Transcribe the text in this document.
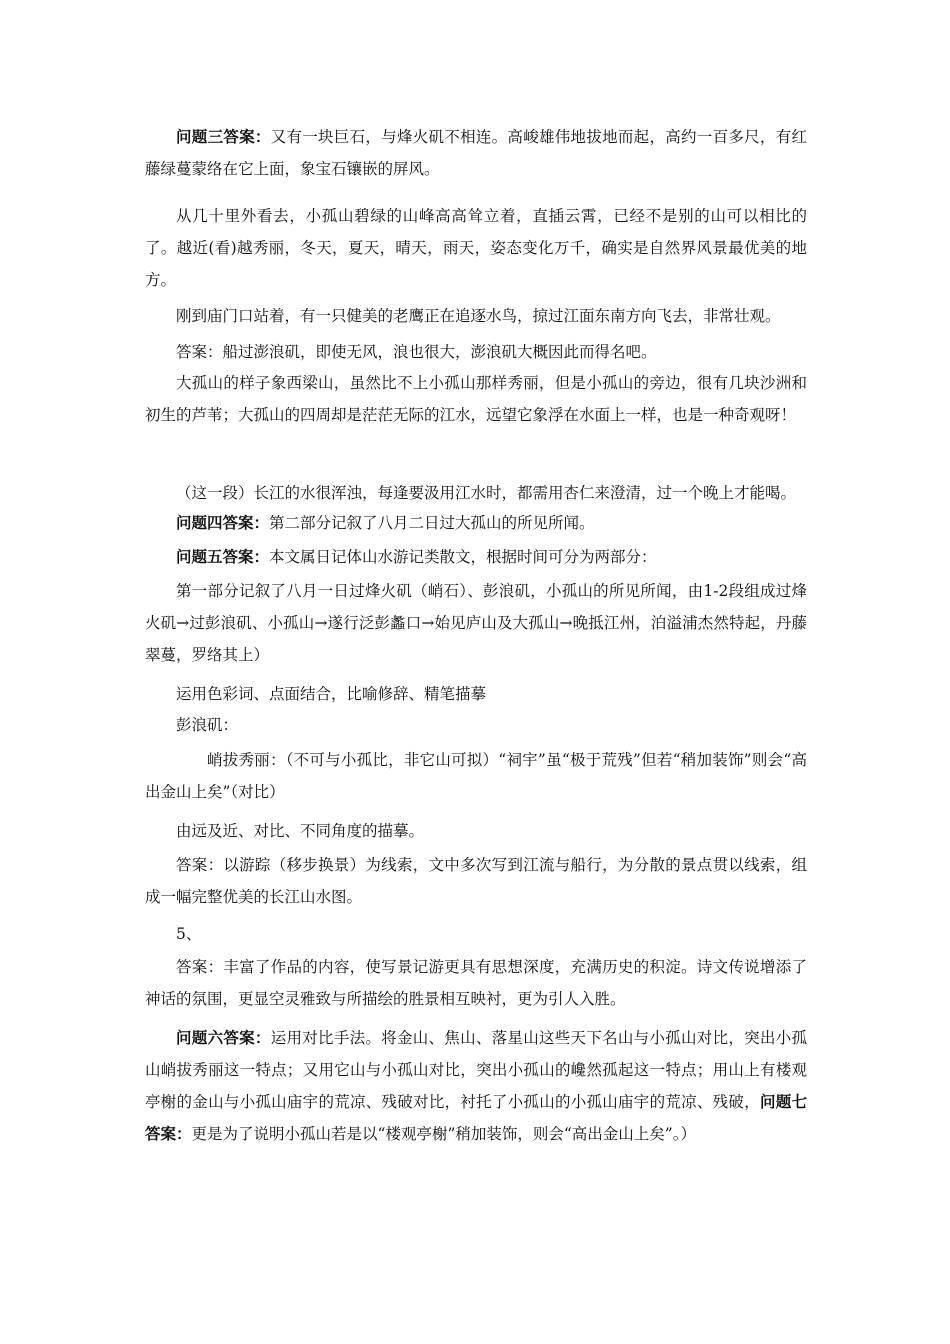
问题三答案：又有一块巨石，与烽火矶不相连。高峻雄伟地拔地而起，高约一百多尺，有红藤绿蔓蒙络在它上面，象宝石镶嵌的屏风。

从几十里外看去，小孤山碧绿的山峰高高耸立着，直插云霄，已经不是别的山可以相比的了。越近(看)越秀丽，冬天，夏天，晴天，雨天，姿态变化万千，确实是自然界风景最优美的地方。

刚到庙门口站着，有一只健美的老鹰正在追逐水鸟，掠过江面东南方向飞去，非常壮观。

答案：船过澎浪矶，即使无风，浪也很大，澎浪矶大概因此而得名吧。

大孤山的样子象西梁山，虽然比不上小孤山那样秀丽，但是小孤山的旁边，很有几块沙洲和初生的芦苇；大孤山的四周却是茫茫无际的江水，远望它象浮在水面上一样，也是一种奇观呀！

（这一段）长江的水很浑浊，每逢要汲用江水时，都需用杏仁来澄清，过一个晚上才能喝。

问题四答案：第二部分记叙了八月二日过大孤山的所见所闻。

问题五答案：本文属日记体山水游记类散文，根据时间可分为两部分：

第一部分记叙了八月一日过烽火矶（峭石）、彭浪矶，小孤山的所见所闻，由1-2段组成过烽火矶→过彭浪矶、小孤山→遂行泛彭蠡口→始见庐山及大孤山→晚抵江州，泊溢浦杰然特起，丹藤翠蔓，罗络其上）

运用色彩词、点面结合，比喻修辞、精笔描摹

彭浪矶：

峭拔秀丽：（不可与小孤比，非它山可拟）“祠宇”虽“极于荒残”但若“稍加装饰”则会“高出金山上矣”（对比）

由远及近、对比、不同角度的描摹。

答案：以游踪（移步换景）为线索，文中多次写到江流与船行，为分散的景点贯以线索，组成一幅完整优美的长江山水图。

5、

答案：丰富了作品的内容，使写景记游更具有思想深度，充满历史的积淀。诗文传说增添了神话的氛围，更显空灵雅致与所描绘的胜景相互映衬，更为引人入胜。

问题六答案：运用对比手法。将金山、焦山、落星山这些天下名山与小孤山对比，突出小孤山峭拔秀丽这一特点；又用它山与小孤山对比，突出小孤山的巉然孤起这一特点；用山上有楼观亭榭的金山与小孤山庙宇的荒凉、残破对比，衬托了小孤山的小孤山庙宇的荒凉、残破，问题七答案：更是为了说明小孤山若是以“楼观亭榭”稍加装饰，则会“高出金山上矣”。）
